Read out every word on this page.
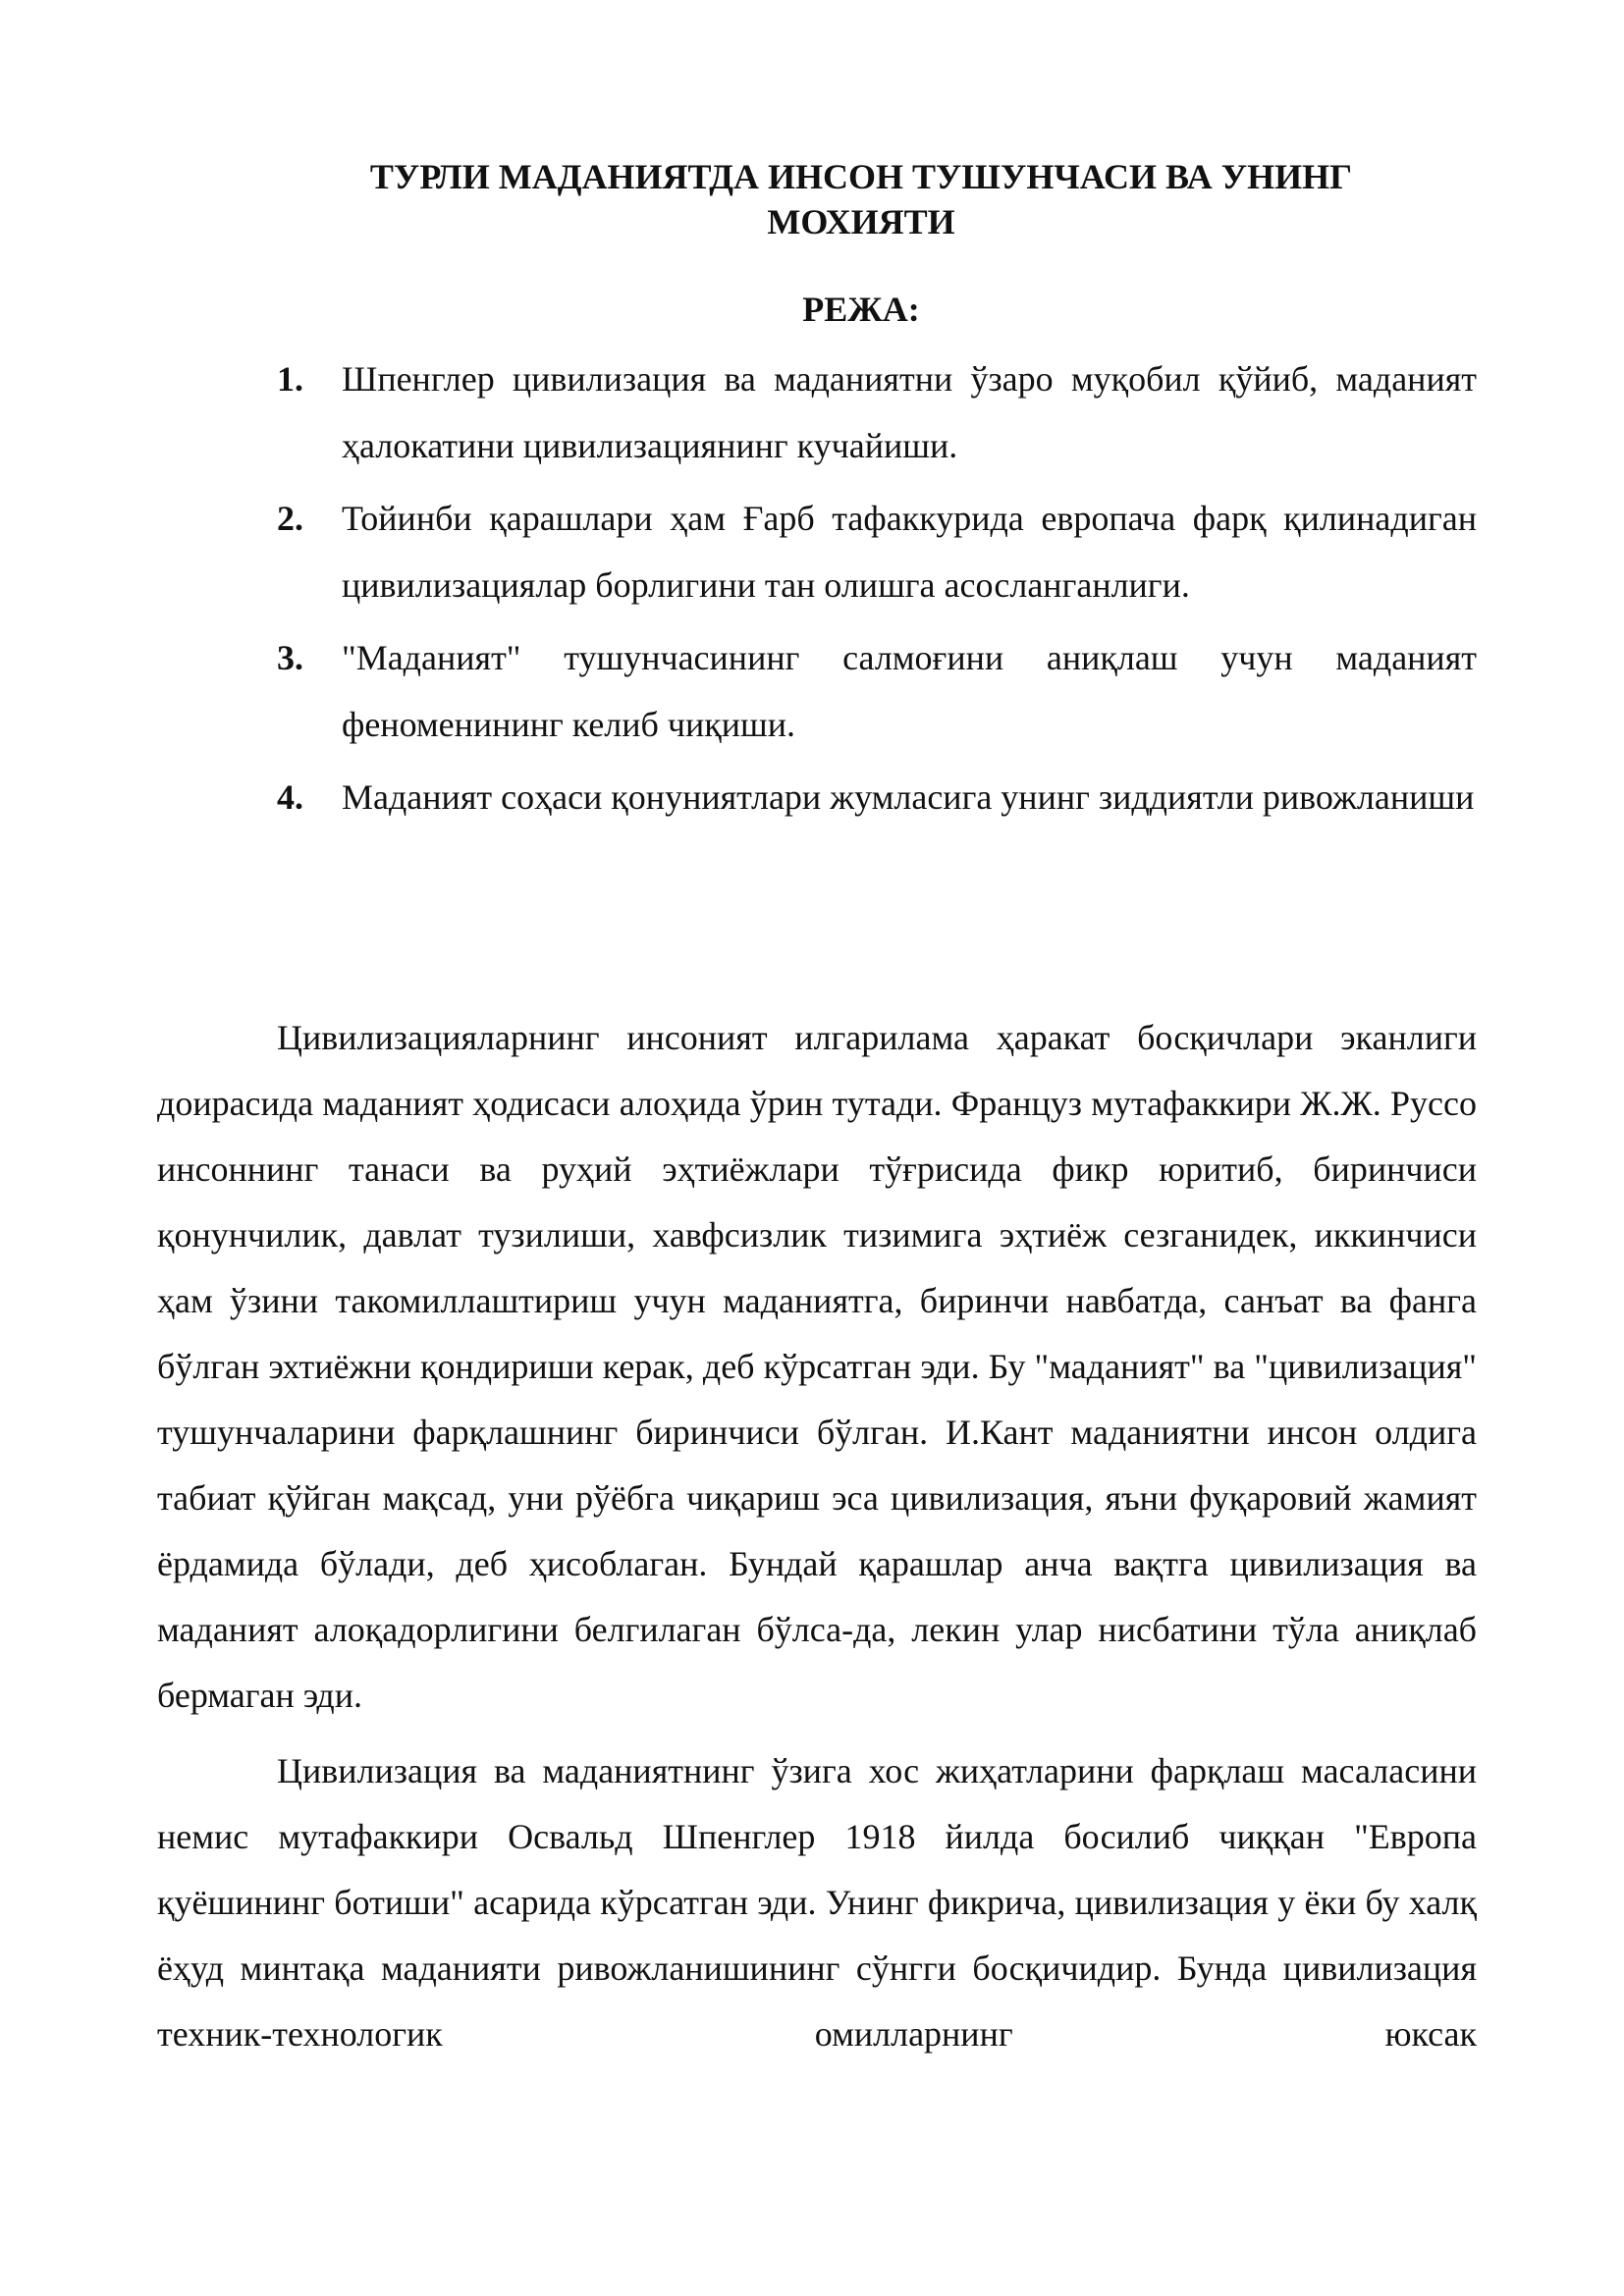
ТУРЛИ МАДАНИЯТДА ИНСОН ТУШУНЧАСИ ВА УНИНГ
МОХИЯТИ
РЕЖА:
1. Шпенглер цивилизация ва маданиятни ўзаро муқобил қўйиб, маданият ҳалокатини цивилизациянинг кучайиши.
2. Тойинби қарашлари ҳам Ғарб тафаккурида европача фарқ қилинадиган цивилизациялар борлигини тан олишга асосланганлиги.
3. "Маданият" тушунчасининг салмоғини аниқлаш учун маданият феноменининг келиб чиқиши.
4. Маданият соҳаси қонуниятлари жумласига унинг зиддиятли ривожланиши

Цивилизацияларнинг инсоният илгарилама ҳаракат босқичлари эканлиги доирасида маданият ҳодисаси алоҳида ўрин тутади. Француз мутафаккири Ж.Ж. Руссо инсоннинг танаси ва руҳий эҳтиёжлари тўғрисида фикр юритиб, биринчиси қонунчилик, давлат тузилиши, хавфсизлик тизимига эҳтиёж сезганидек, иккинчиси ҳам ўзини такомиллаштириш учун маданиятга, биринчи навбатда, санъат ва фанга бўлган эхтиёжни қондириши керак, деб кўрсатган эди. Бу "маданият" ва "цивилизация" тушунчаларини фарқлашнинг биринчиси бўлган. И.Кант маданиятни инсон олдига табиат қўйган мақсад, уни рўёбга чиқариш эса цивилизация, яъни фуқаровий жамият ёрдамида бўлади, деб ҳисоблаган. Бундай қарашлар анча вақтга цивилизация ва маданият алоқадорлигини белгилаган бўлса-да, лекин улар нисбатини тўла аниқлаб бермаган эди.

Цивилизация ва маданиятнинг ўзига хос жиҳатларини фарқлаш масаласини немис мутафаккири Освальд Шпенглер 1918 йилда босилиб чиққан "Европа қуёшининг ботиши" асарида кўрсатган эди. Унинг фикрича, цивилизация у ёки бу халқ ёҳуд минтақа маданияти ривожланишининг сўнгги босқичидир. Бунда цивилизация техник-технологик омилларнинг юксак
